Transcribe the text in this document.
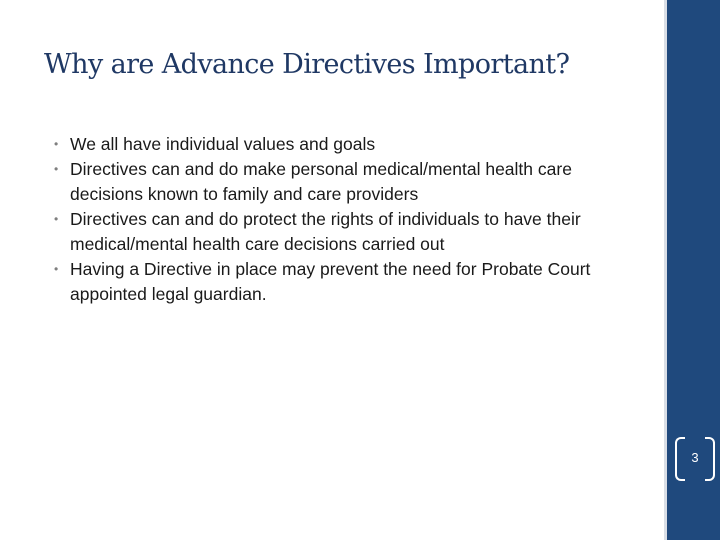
Why are Advance Directives Important?
• We all have individual values and goals
• Directives can and do make personal medical/mental health care decisions known to family and care providers
• Directives can and do protect the rights of individuals to have their medical/mental health care decisions carried out
• Having a Directive in place may prevent the need for Probate Court appointed legal guardian.
3
